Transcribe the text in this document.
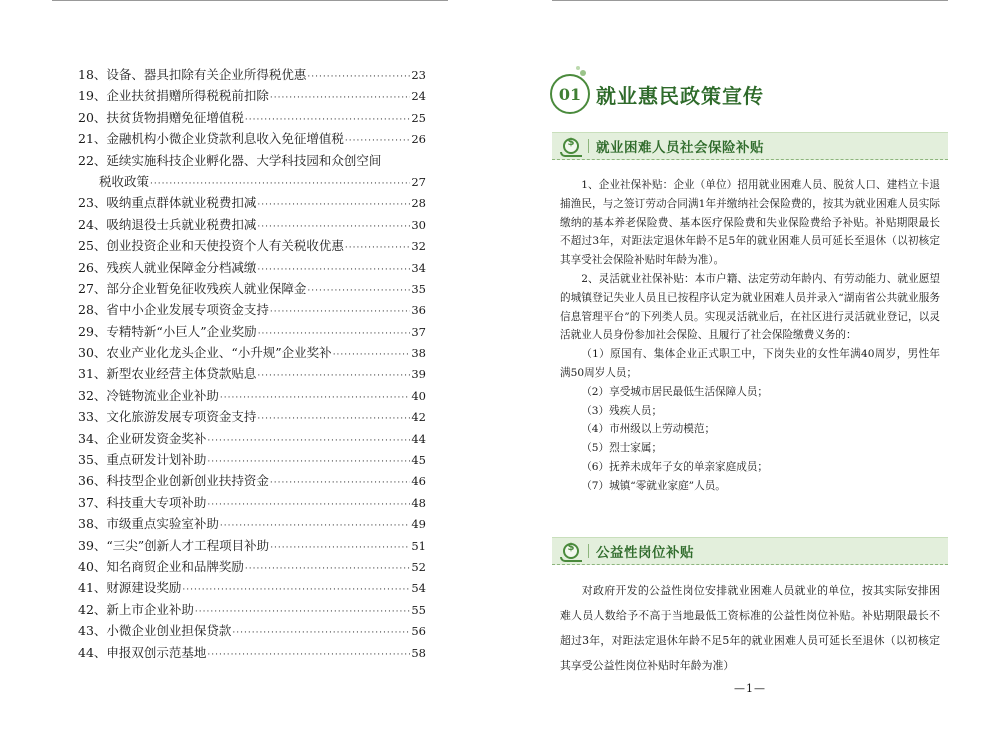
18、设备、器具扣除有关企业所得税优惠 ·····	23
19、企业扶贫捐赠所得税税前扣除 ·····	24
20、扶贫货物捐赠免征增值税 ·····	25
21、金融机构小微企业贷款利息收入免征增值税 ·····	26
22、延续实施科技企业孵化器、大学科技园和众创空间
税收政策 ·····	27
23、吸纳重点群体就业税费扣减 ·····	28
24、吸纳退役士兵就业税费扣减 ·····	30
25、创业投资企业和天使投资个人有关税收优惠 ·····	32
26、残疾人就业保障金分档减缴 ·····	34
27、部分企业暂免征收残疾人就业保障金 ·····	35
28、省中小企业发展专项资金支持 ·····	36
29、专精特新“小巨人”企业奖励 ·····	37
30、农业产业化龙头企业、“小升规”企业奖补 ·····	38
31、新型农业经营主体贷款贴息 ·····	39
32、冷链物流业企业补助 ·····	40
33、文化旅游发展专项资金支持 ·····	42
34、企业研发资金奖补 ·····	44
35、重点研发计划补助 ·····	45
36、科技型企业创新创业扶持资金 ·····	46
37、科技重大专项补助 ·····	48
38、市级重点实验室补助 ·····	49
39、“三尖”创新人才工程项目补助 ·····	51
40、知名商贸企业和品牌奖励 ·····	52
41、财源建设奖励 ·····	54
42、新上市企业补助 ·····	55
43、小微企业创业担保贷款 ·····	56
44、申报双创示范基地 ·····	58
01 就业惠民政策宣传
$
就业困难人员社会保险补贴

1、企业社保补贴：企业（单位）招用就业困难人员、脱贫人口、建档立卡退捕渔民，与之签订劳动合同满1年并缴纳社会保险费的，按其为就业困难人员实际缴纳的基本养老保险费、基本医疗保险费和失业保险费给予补贴。补贴期限最长不超过3年，对距法定退休年龄不足5年的就业困难人员可延长至退休（以初核定其享受社会保险补贴时年龄为准）。

2、灵活就业社保补贴：本市户籍、法定劳动年龄内、有劳动能力、就业愿望的城镇登记失业人员且已按程序认定为就业困难人员并录入“湖南省公共就业服务信息管理平台”的下列类人员。实现灵活就业后，在社区进行灵活就业登记，以灵活就业人员身份参加社会保险、且履行了社会保险缴费义务的：

（1）原国有、集体企业正式职工中，下岗失业的女性年满40周岁，男性年满50周岁人员；

（2）享受城市居民最低生活保障人员；

（3）残疾人员；

（4）市州级以上劳动模范；

（5）烈士家属；

（6）抚养未成年子女的单亲家庭成员；

（7）城镇“零就业家庭”人员。

$
公益性岗位补贴

对政府开发的公益性岗位安排就业困难人员就业的单位，按其实际安排困难人员人数给予不高于当地最低工资标准的公益性岗位补贴。补贴期限最长不超过3年，对距法定退休年龄不足5年的就业困难人员可延长至退休（以初核定其享受公益性岗位补贴时年龄为准）

—1—
